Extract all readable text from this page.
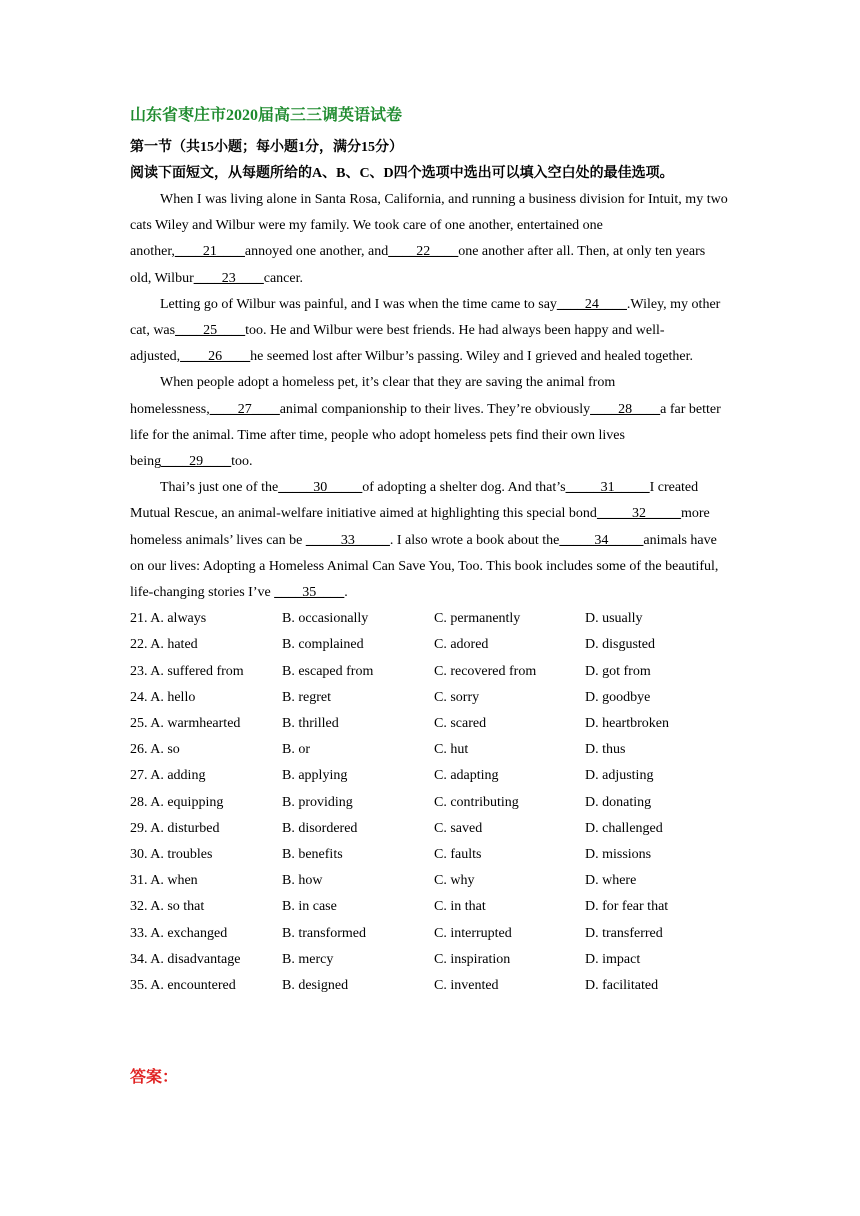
山东省枣庄市2020届高三三调英语试卷
第一节（共15小题；每小题1分，满分15分）
阅读下面短文，从每题所给的A、B、C、D四个选项中选出可以填入空白处的最佳选项。

When I was living alone in Santa Rosa, California, and running a business division for Intuit, my two cats Wiley and Wilbur were my family. We took care of one another, entertained one another,____21____annoyed one another, and____22____one another after all. Then, at only ten years old, Wilbur____23____cancer.

Letting go of Wilbur was painful, and I was when the time came to say____24____.Wiley, my other cat, was____25____too. He and Wilbur were best friends. He had always been happy and well-adjusted,____26____he seemed lost after Wilbur’s passing. Wiley and I grieved and healed together.

When people adopt a homeless pet, it’s clear that they are saving the animal from homelessness,____27____animal companionship to their lives. They’re obviously____28____a far better life for the animal. Time after time, people who adopt homeless pets find their own lives being____29____too.

Thai’s just one of the_____30_____of adopting a shelter dog. And that’s_____31_____I created Mutual Rescue, an animal-welfare initiative aimed at highlighting this special bond_____32_____more homeless animals’ lives can be _____33_____. I also wrote a book about the_____34_____animals have on our lives: Adopting a Homeless Animal Can Save You, Too. This book includes some of the beautiful, life-changing stories I’ve ____35____.

21. A. always	B. occasionally	C. permanently	D. usually
22. A. hated	B. complained	C. adored	D. disgusted
23. A. suffered from	B. escaped from	C. recovered from	D. got from
24. A. hello	B. regret	C. sorry	D. goodbye
25. A. warmhearted	B. thrilled	C. scared	D. heartbroken
26. A. so	B. or	C. hut	D. thus
27. A. adding	B. applying	C. adapting	D. adjusting
28. A. equipping	B. providing	C. contributing	D. donating
29. A. disturbed	B. disordered	C. saved	D. challenged
30. A. troubles	B. benefits	C. faults	D. missions
31. A. when	B. how	C. why	D. where
32. A. so that	B. in case	C. in that	D. for fear that
33. A. exchanged	B. transformed	C. interrupted	D. transferred
34. A. disadvantage	B. mercy	C. inspiration	D. impact
35. A. encountered	B. designed	C. invented	D. facilitated
答案：
